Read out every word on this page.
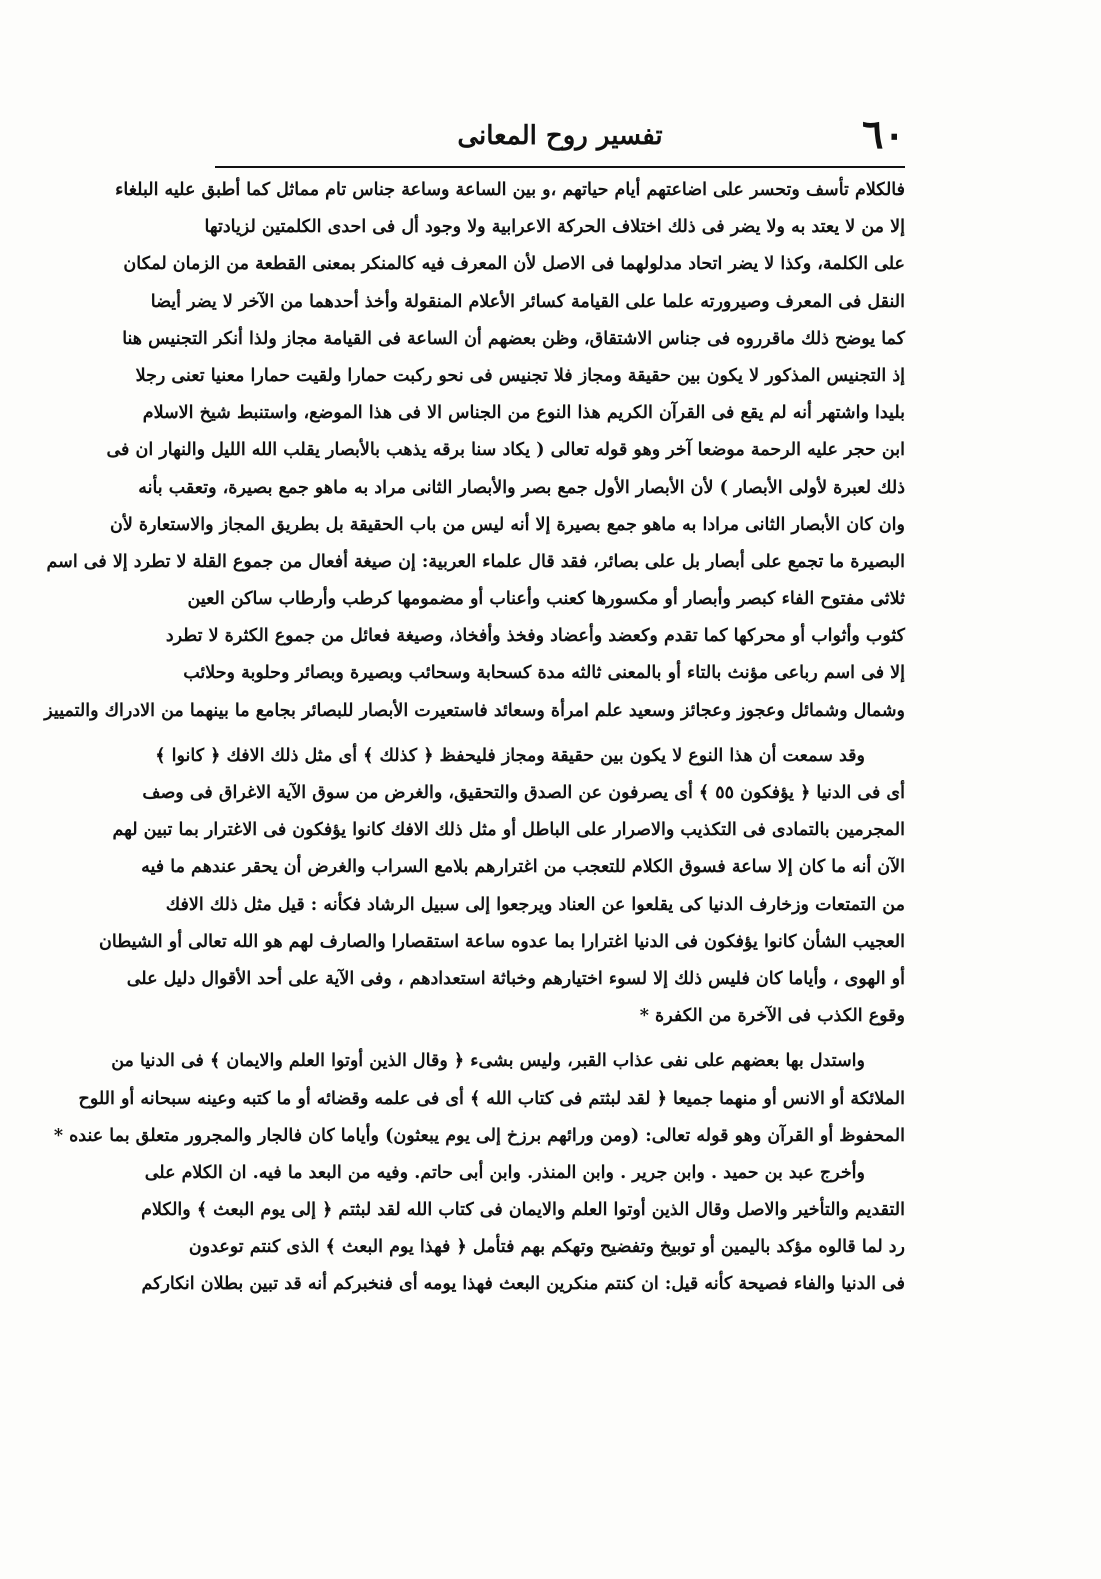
٦٠
تفسير روح المعانى
فالكلام تأسف وتحسر على اضاعتهم أيام حياتهم ،و بين الساعة وساعة جناس تام مماثل كما أطبق عليه البلغاء
إلا من لا يعتد به ولا يضر فى ذلك اختلاف الحركة الاعرابية ولا وجود أل فى احدى الكلمتين لزيادتها
على الكلمة، وكذا لا يضر اتحاد مدلولهما فى الاصل لأن المعرف فيه كالمنكر بمعنى القطعة من الزمان لمكان
النقل فى المعرف وصيرورته علما على القيامة كسائر الأعلام المنقولة وأخذ أحدهما من الآخر لا يضر أيضا
كما يوضح ذلك ماقرروه فى جناس الاشتقاق، وظن بعضهم أن الساعة فى القيامة مجاز ولذا أنكر التجنيس هنا
إذ التجنيس المذكور لا يكون بين حقيقة ومجاز فلا تجنيس فى نحو ركبت حمارا ولقيت حمارا معنيا تعنى رجلا
بليدا واشتهر أنه لم يقع فى القرآن الكريم هذا النوع من الجناس الا فى هذا الموضع، واستنبط شيخ الاسلام
ابن حجر عليه الرحمة موضعا آخر وهو قوله تعالى ( يكاد سنا برقه يذهب بالأبصار يقلب الله الليل والنهار ان فى
ذلك لعبرة لأولى الأبصار ) لأن الأبصار الأول جمع بصر والأبصار الثانى مراد به ماهو جمع بصيرة، وتعقب بأنه
وان كان الأبصار الثانى مرادا به ماهو جمع بصيرة إلا أنه ليس من باب الحقيقة بل بطريق المجاز والاستعارة لأن
البصيرة ما تجمع على أبصار بل على بصائر، فقد قال علماء العربية: إن صيغة أفعال من جموع القلة لا تطرد إلا فى اسم
ثلاثى مفتوح الفاء كبصر وأبصار أو مكسورها كعنب وأعناب أو مضمومها كرطب وأرطاب ساكن العين
كثوب وأثواب أو محركها كما تقدم وكعضد وأعضاد وفخذ وأفخاذ، وصيغة فعائل من جموع الكثرة لا تطرد
إلا فى اسم رباعى مؤنث بالتاء أو بالمعنى ثالثه مدة كسحابة وسحائب وبصيرة وبصائر وحلوبة وحلائب
وشمال وشمائل وعجوز وعجائز وسعيد علم امرأة وسعائد فاستعيرت الأبصار للبصائر بجامع ما بينهما من الادراك والتمييز
وقد سمعت أن هذا النوع لا يكون بين حقيقة ومجاز فليحفظ ﴿ كذلك ﴾ أى مثل ذلك الافك ﴿ كانوا ﴾
أى فى الدنيا ﴿ يؤفكون ٥٥ ﴾ أى يصرفون عن الصدق والتحقيق، والغرض من سوق الآية الاغراق فى وصف
المجرمين بالتمادى فى التكذيب والاصرار على الباطل أو مثل ذلك الافك كانوا يؤفكون فى الاغترار بما تبين لهم
الآن أنه ما كان إلا ساعة فسوق الكلام للتعجب من اغترارهم بلامع السراب والغرض أن يحقر عندهم ما فيه
من التمتعات وزخارف الدنيا كى يقلعوا عن العناد ويرجعوا إلى سبيل الرشاد فكأنه : قيل مثل ذلك الافك
العجيب الشأن كانوا يؤفكون فى الدنيا اغترارا بما عدوه ساعة استقصارا والصارف لهم هو الله تعالى أو الشيطان
أو الهوى ، وأياما كان فليس ذلك إلا لسوء اختيارهم وخباثة استعدادهم ، وفى الآية على أحد الأقوال دليل على
وقوع الكذب فى الآخرة من الكفرة *
واستدل بها بعضهم على نفى عذاب القبر، وليس بشىء ﴿ وقال الذين أوتوا العلم والايمان ﴾ فى الدنيا من
الملائكة أو الانس أو منهما جميعا ﴿ لقد لبثتم فى كتاب الله ﴾ أى فى علمه وقضائه أو ما كتبه وعينه سبحانه أو اللوح
المحفوظ أو القرآن وهو قوله تعالى: (ومن ورائهم برزخ إلى يوم يبعثون) وأياما كان فالجار والمجرور متعلق بما عنده *
وأخرج عبد بن حميد . وابن جرير . وابن المنذر. وابن أبى حاتم. وفيه من البعد ما فيه. ان الكلام على
التقديم والتأخير والاصل وقال الذين أوتوا العلم والايمان فى كتاب الله لقد لبثتم ﴿ إلى يوم البعث ﴾ والكلام
رد لما قالوه مؤكد باليمين أو توبيخ وتفضيح وتهكم بهم فتأمل ﴿ فهذا يوم البعث ﴾ الذى كنتم توعدون
فى الدنيا والفاء فصيحة كأنه قيل: ان كنتم منكرين البعث فهذا يومه أى فنخبركم أنه قد تبين بطلان انكاركم
